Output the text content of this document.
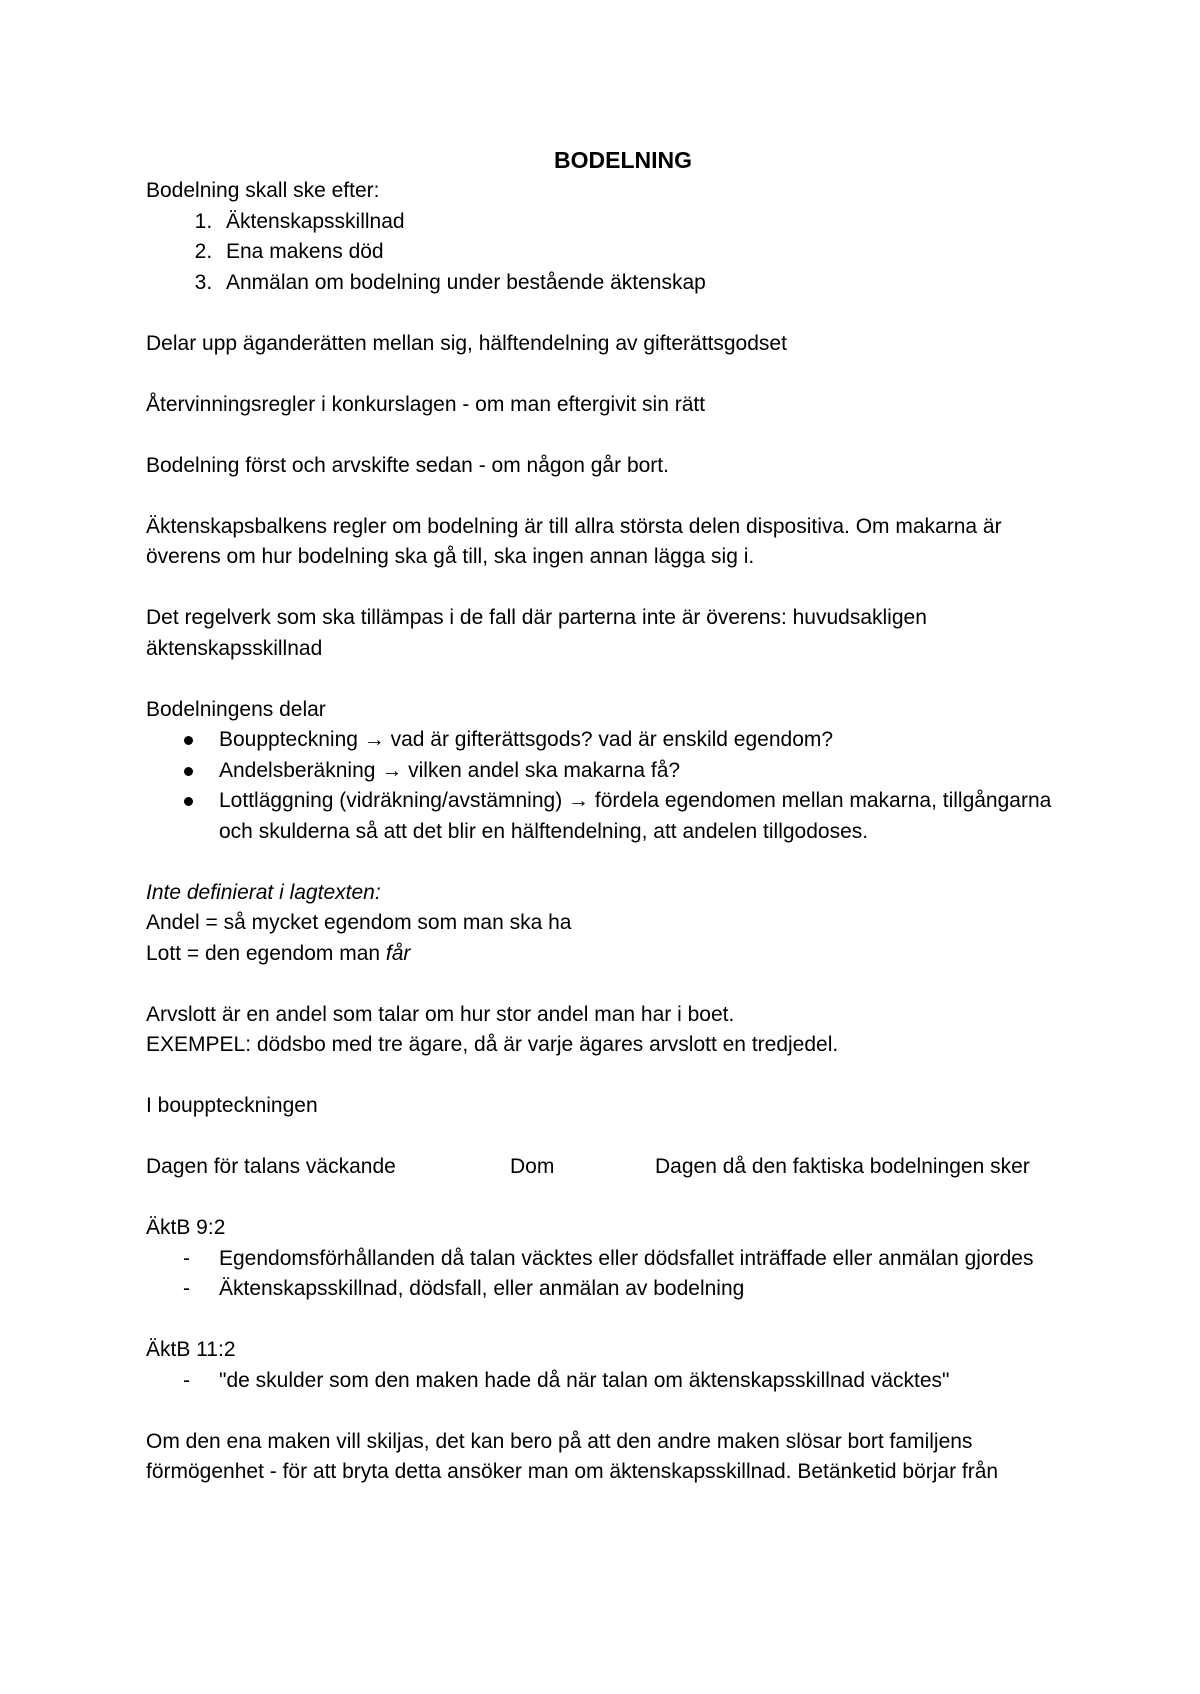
BODELNING

Bodelning skall ske efter:

1. Äktenskapsskillnad
2. Ena makens död
3. Anmälan om bodelning under bestående äktenskap

Delar upp äganderätten mellan sig, hälftendelning av gifterättsgodset

Återvinningsregler i konkurslagen - om man eftergivit sin rätt

Bodelning först och arvskifte sedan - om någon går bort.

Äktenskapsbalkens regler om bodelning är till allra största delen dispositiva. Om makarna är överens om hur bodelning ska gå till, ska ingen annan lägga sig i.

Det regelverk som ska tillämpas i de fall där parterna inte är överens: huvudsakligen äktenskapsskillnad

Bodelningens delar

Bouppteckning → vad är gifterättsgods? vad är enskild egendom?
Andelsberäkning → vilken andel ska makarna få?
Lottläggning (vidräkning/avstämning) → fördela egendomen mellan makarna, tillgångarna och skulderna så att det blir en hälftendelning, att andelen tillgodoses.

Inte definierat i lagtexten:

Andel = så mycket egendom som man ska ha

Lott = den egendom man får

Arvslott är en andel som talar om hur stor andel man har i boet.

EXEMPEL: dödsbo med tre ägare, då är varje ägares arvslott en tredjedel.

I bouppteckningen

Dagen för talans väckande	Dom	Dagen då den faktiska bodelningen sker

ÄktB 9:2

- Egendomsförhållanden då talan väcktes eller dödsfallet inträffade eller anmälan gjordes
- Äktenskapsskillnad, dödsfall, eller anmälan av bodelning

ÄktB 11:2

- "de skulder som den maken hade då när talan om äktenskapsskillnad väcktes"

Om den ena maken vill skiljas, det kan bero på att den andre maken slösar bort familjens förmögenhet - för att bryta detta ansöker man om äktenskapsskillnad. Betänketid börjar från
